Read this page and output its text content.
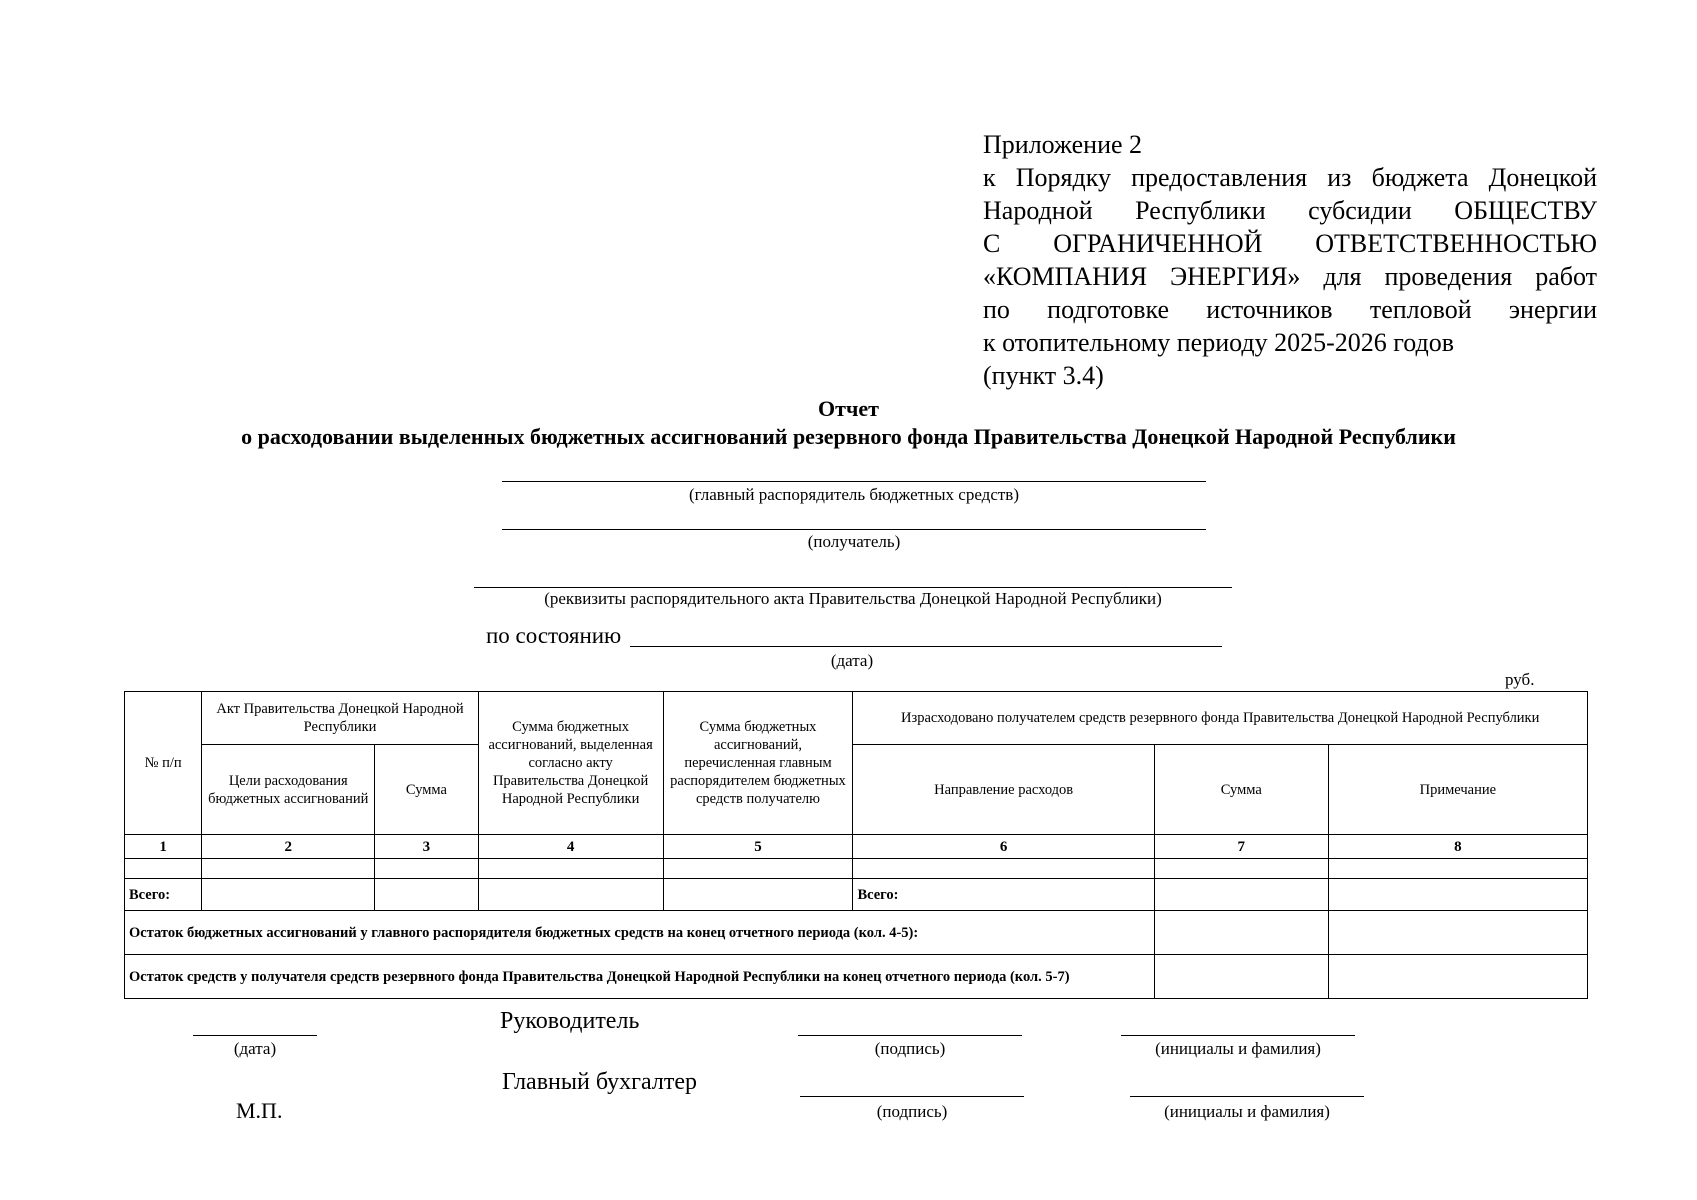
Приложение 2
к Порядку предоставления из бюджета Донецкой
Народной Республики субсидии ОБЩЕСТВУ
С ОГРАНИЧЕННОЙ ОТВЕТСТВЕННОСТЬЮ
«КОМПАНИЯ ЭНЕРГИЯ» для проведения работ
по подготовке источников тепловой энергии
к отопительному периоду 2025-2026 годов
(пункт 3.4)
Отчет
о расходовании выделенных бюджетных ассигнований резервного фонда Правительства Донецкой Народной Республики
(главный распорядитель бюджетных средств)
(получатель)
(реквизиты распорядительного акта Правительства Донецкой Народной Республики)
по состоянию
(дата)
руб.
№ п/п	Акт Правительства Донецкой Народной Республики		Сумма бюджетных ассигнований, выделенная согласно акту Правительства Донецкой Народной Республики	Сумма бюджетных ассигнований, перечисленная главным распорядителем бюджетных средств получателю	Израсходовано получателем средств резервного фонда Правительства Донецкой Народной Республики		
	Цели расходования бюджетных ассигнований	Сумма			Направление расходов	Сумма	Примечание
1	2	3	4	5	6	7	8

Всего:					Всего:		
Остаток бюджетных ассигнований у главного распорядителя бюджетных средств на конец отчетного периода (кол. 4-5):							
Остаток средств у получателя средств резервного фонда Правительства Донецкой Народной Республики на конец отчетного периода (кол. 5-7)							
(дата)
Руководитель
(подпись)	(инициалы и фамилия)
Главный бухгалтер
(подпись)	(инициалы и фамилия)
М.П.
